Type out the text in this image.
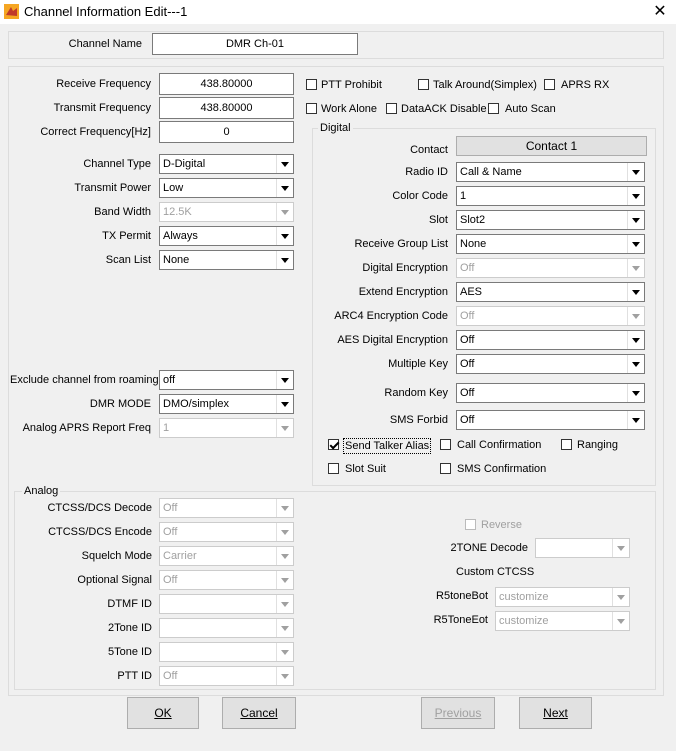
Channel Information Edit---1	✕
Channel Name	DMR Ch-01
Receive Frequency	438.80000
Transmit Frequency	438.80000
Correct Frequency[Hz]	0
Channel Type D-Digital
Transmit Power Low
Band Width 12.5K
TX Permit Always
Scan List None
Exclude channel from roaming off
DMR MODE DMO/simplex
Analog APRS Report Freq 1
PTT Prohibit	Talk Around(Simplex) APRS RX
Work Alone DataACK Disable Auto Scan
Digital
Contact	Contact 1
Radio ID Call & Name
Color Code 1
Slot Slot2
Receive Group List None
Digital Encryption Off
Extend Encryption AES
ARC4 Encryption Code Off
AES Digital Encryption Off
Multiple Key Off
Random Key Off
SMS Forbid Off
Send Talker Alias	Call Confirmation	Ranging
Slot Suit	SMS Confirmation
Analog
CTCSS/DCS Decode Off
CTCSS/DCS Encode Off
Squelch Mode Carrier
Optional Signal Off
DTMF ID
2Tone ID
5Tone ID
PTT ID Off
Reverse
2TONE Decode
Custom CTCSS
R5toneBot customize
R5ToneEot customize
OK	Cancel	Previous	Next
